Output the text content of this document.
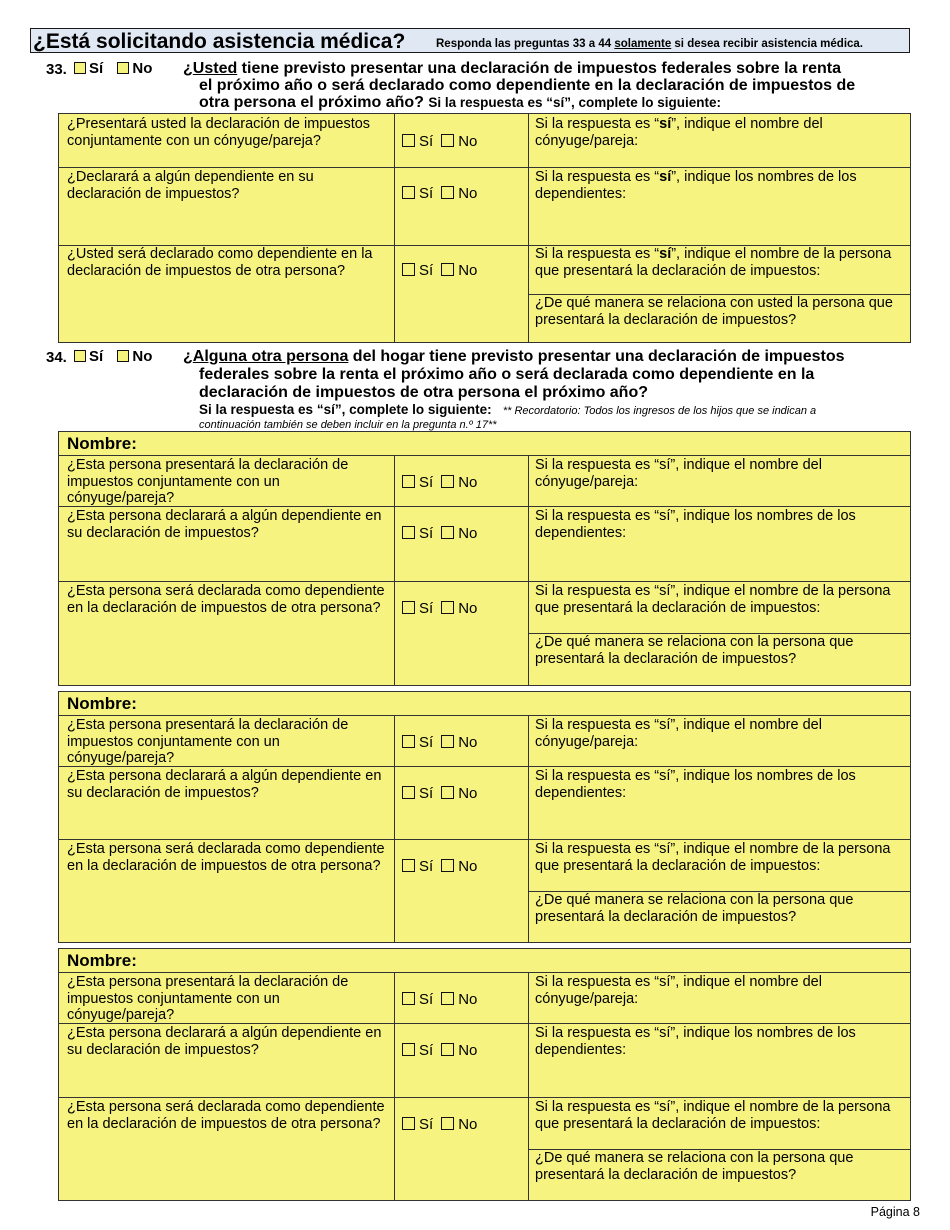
¿Está solicitando asistencia médica?	Responda las preguntas 33 a 44 solamente si desea recibir asistencia médica.
33.	Sí No	¿Usted tiene previsto presentar una declaración de impuestos federales sobre la renta
el próximo año o será declarado como dependiente en la declaración de impuestos de
otra persona el próximo año? Si la respuesta es “sí”, complete lo siguiente:
¿Presentará usted la declaración de impuestos conjuntamente con un cónyuge/pareja?	Sí No
Si la respuesta es “sí”, indique el nombre del cónyuge/pareja:
¿Declarará a algún dependiente en su declaración de impuestos?	Sí No
Si la respuesta es “sí”, indique los nombres de los dependientes:
¿Usted será declarado como dependiente en la declaración de impuestos de otra persona?	Sí No
Si la respuesta es “sí”, indique el nombre de la persona que presentará la declaración de impuestos:
¿De qué manera se relaciona con usted la persona que presentará la declaración de impuestos?
34.	Sí No	¿Alguna otra persona del hogar tiene previsto presentar una declaración de impuestos
federales sobre la renta el próximo año o será declarada como dependiente en la
declaración de impuestos de otra persona el próximo año?
Si la respuesta es “sí”, complete lo siguiente: ** Recordatorio: Todos los ingresos de los hijos que se indican a
continuación también se deben incluir en la pregunta n.º 17**
Nombre:
¿Esta persona presentará la declaración de impuestos conjuntamente con un cónyuge/pareja?
Sí No
Si la respuesta es “sí”, indique el nombre del cónyuge/pareja:
¿Esta persona declarará a algún dependiente en su declaración de impuestos?	Sí No
Si la respuesta es “sí”, indique los nombres de los dependientes:
¿Esta persona será declarada como dependiente en la declaración de impuestos de otra persona?	Sí No
Si la respuesta es “sí”, indique el nombre de la persona que presentará la declaración de impuestos:
¿De qué manera se relaciona con la persona que presentará la declaración de impuestos?
Nombre:
¿Esta persona presentará la declaración de impuestos conjuntamente con un cónyuge/pareja?
Sí No
Si la respuesta es “sí”, indique el nombre del cónyuge/pareja:
¿Esta persona declarará a algún dependiente en su declaración de impuestos?	Sí No
Si la respuesta es “sí”, indique los nombres de los dependientes:
¿Esta persona será declarada como dependiente en la declaración de impuestos de otra persona?	Sí No
Si la respuesta es “sí”, indique el nombre de la persona que presentará la declaración de impuestos:
¿De qué manera se relaciona con la persona que presentará la declaración de impuestos?
Nombre:
¿Esta persona presentará la declaración de impuestos conjuntamente con un cónyuge/pareja?
Sí No
Si la respuesta es “sí”, indique el nombre del cónyuge/pareja:
¿Esta persona declarará a algún dependiente en su declaración de impuestos?	Sí No
Si la respuesta es “sí”, indique los nombres de los dependientes:
¿Esta persona será declarada como dependiente en la declaración de impuestos de otra persona?	Sí No
Si la respuesta es “sí”, indique el nombre de la persona que presentará la declaración de impuestos:
¿De qué manera se relaciona con la persona que presentará la declaración de impuestos?
Página 8
